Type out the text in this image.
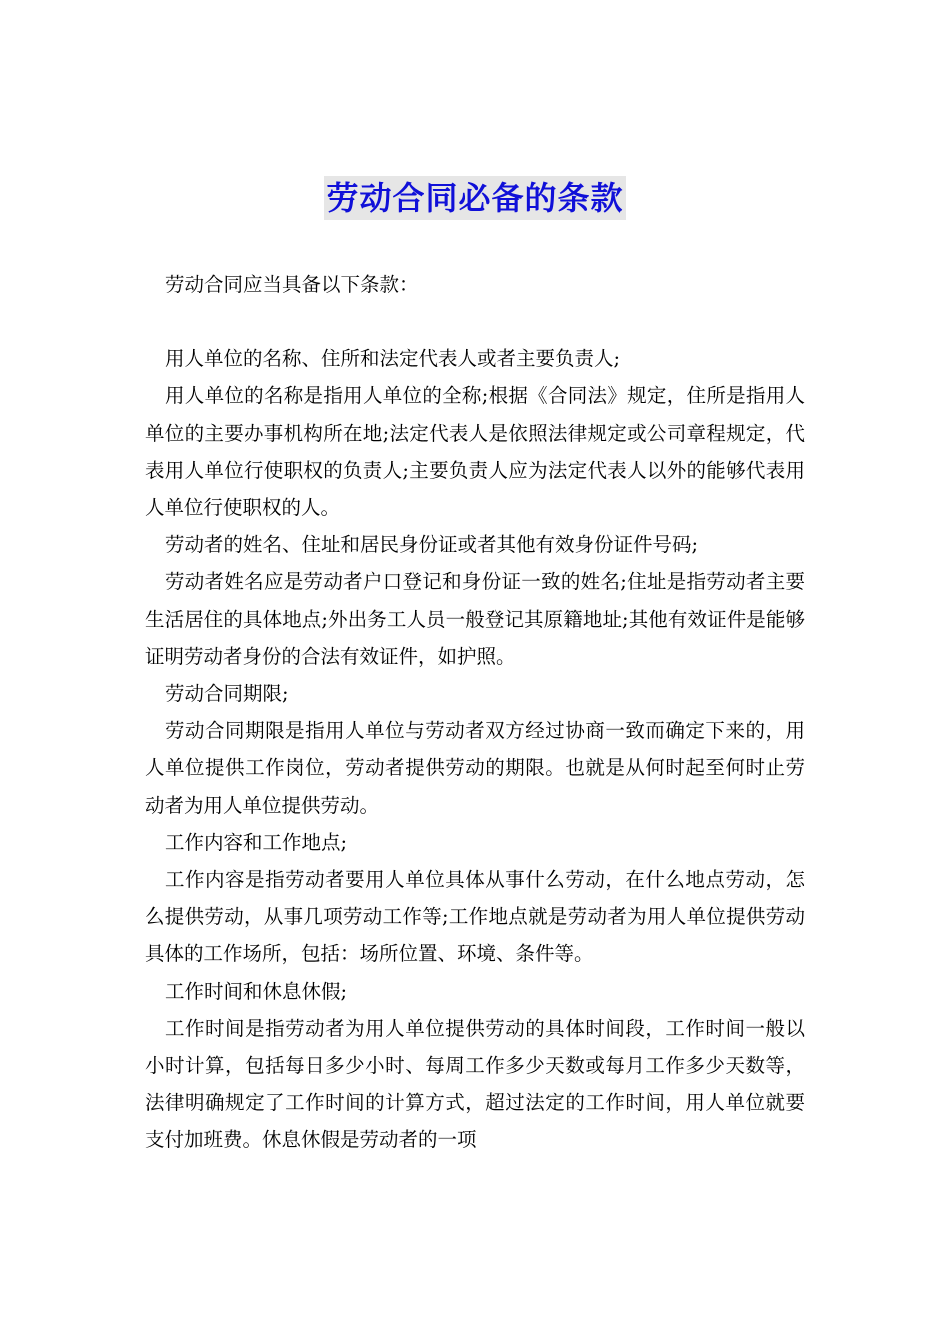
劳动合同必备的条款

劳动合同应当具备以下条款：

用人单位的名称、住所和法定代表人或者主要负责人;

用人单位的名称是指用人单位的全称;根据《合同法》规定，住所是指用人单位的主要办事机构所在地;法定代表人是依照法律规定或公司章程规定，代表用人单位行使职权的负责人;主要负责人应为法定代表人以外的能够代表用人单位行使职权的人。

劳动者的姓名、住址和居民身份证或者其他有效身份证件号码;

劳动者姓名应是劳动者户口登记和身份证一致的姓名;住址是指劳动者主要生活居住的具体地点;外出务工人员一般登记其原籍地址;其他有效证件是能够证明劳动者身份的合法有效证件，如护照。

劳动合同期限;

劳动合同期限是指用人单位与劳动者双方经过协商一致而确定下来的，用人单位提供工作岗位，劳动者提供劳动的期限。也就是从何时起至何时止劳动者为用人单位提供劳动。

工作内容和工作地点;

工作内容是指劳动者要用人单位具体从事什么劳动，在什么地点劳动，怎么提供劳动，从事几项劳动工作等;工作地点就是劳动者为用人单位提供劳动具体的工作场所，包括：场所位置、环境、条件等。

工作时间和休息休假;

工作时间是指劳动者为用人单位提供劳动的具体时间段，工作时间一般以小时计算，包括每日多少小时、每周工作多少天数或每月工作多少天数等，法律明确规定了工作时间的计算方式，超过法定的工作时间，用人单位就要支付加班费。休息休假是劳动者的一项
